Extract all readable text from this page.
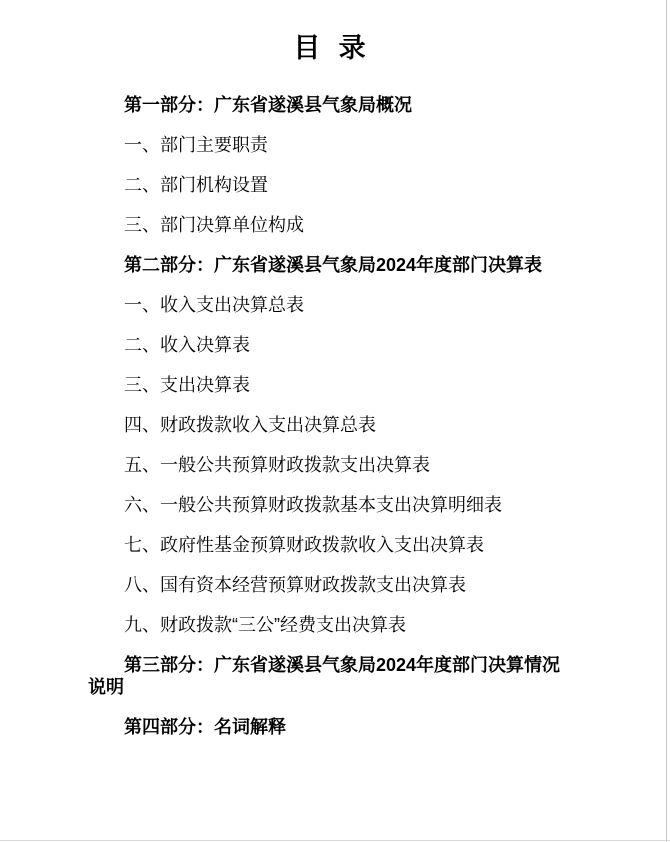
目 录

第一部分：广东省遂溪县气象局概况

一、部门主要职责

二、部门机构设置

三、部门决算单位构成

第二部分：广东省遂溪县气象局2024年度部门决算表

一、收入支出决算总表

二、收入决算表

三、支出决算表

四、财政拨款收入支出决算总表

五、一般公共预算财政拨款支出决算表

六、一般公共预算财政拨款基本支出决算明细表

七、政府性基金预算财政拨款收入支出决算表

八、国有资本经营预算财政拨款支出决算表

九、财政拨款“三公”经费支出决算表

第三部分：广东省遂溪县气象局2024年度部门决算情况说明

第四部分：名词解释
